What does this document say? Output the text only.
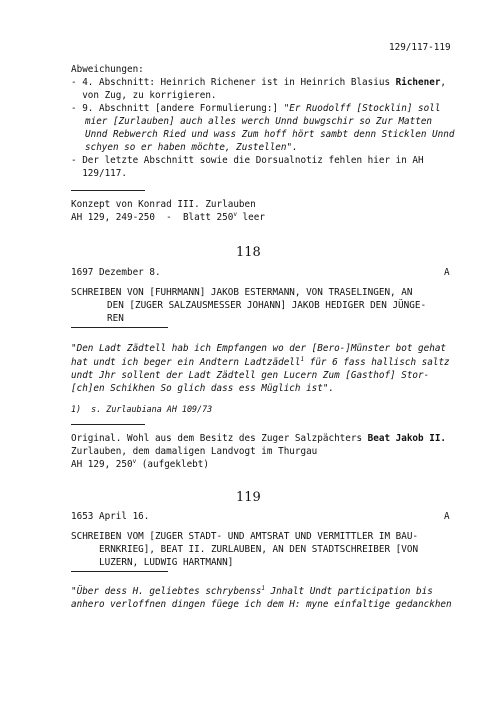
129/117-119
Abweichungen:
- 4. Abschnitt: Heinrich Richener ist in Heinrich Blasius Richener,
von Zug, zu korrigieren.
- 9. Abschnitt [andere Formulierung:] "Er Ruodolff [Stocklin] soll
mier [Zurlauben] auch alles werch Unnd buwgschir so Zur Matten
Unnd Rebwerch Ried und wass Zum hoff hört sambt denn Sticklen Unnd
schyen so er haben möchte, Zustellen".
- Der letzte Abschnitt sowie die Dorsualnotiz fehlen hier in AH
129/117.
Konzept von Konrad III. Zurlauben
AH 129, 249-250  -  Blatt 250$^v$ leer
118
1697 Dezember 8.	A
SCHREIBEN VON [FUHRMANN] JAKOB ESTERMANN, VON TRASELINGEN, AN
DEN [ZUGER SALZAUSMESSER JOHANN] JAKOB HEDIGER DEN JÜNGE-
REN
"Den Ladt Zädtell hab ich Empfangen wo der [Bero-]Münster bot gehat
hat undt ich beger ein Andtern Ladtzädell$^1$ für 6 fass hallisch saltz
undt Jhr sollent der Ladt Zädtell gen Lucern Zum [Gasthof] Stor-
[ch]en Schikhen So glich dass ess Müglich ist".
1)  s. Zurlaubiana AH 109/73
Original. Wohl aus dem Besitz des Zuger Salzpächters Beat Jakob II.
Zurlauben, dem damaligen Landvogt im Thurgau
AH 129, 250$^v$ (aufgeklebt)
119
1653 April 16.	A
SCHREIBEN VOM [ZUGER STADT- UND AMTSRAT UND VERMITTLER IM BAU-
ERNKRIEG], BEAT II. ZURLAUBEN, AN DEN STADTSCHREIBER [VON
LUZERN, LUDWIG HARTMANN]
"Über dess H. geliebtes schrybenss$^1$ Jnhalt Undt participation bis
anhero verloffnen dingen füege ich dem H: myne einfaltige gedanckhen
